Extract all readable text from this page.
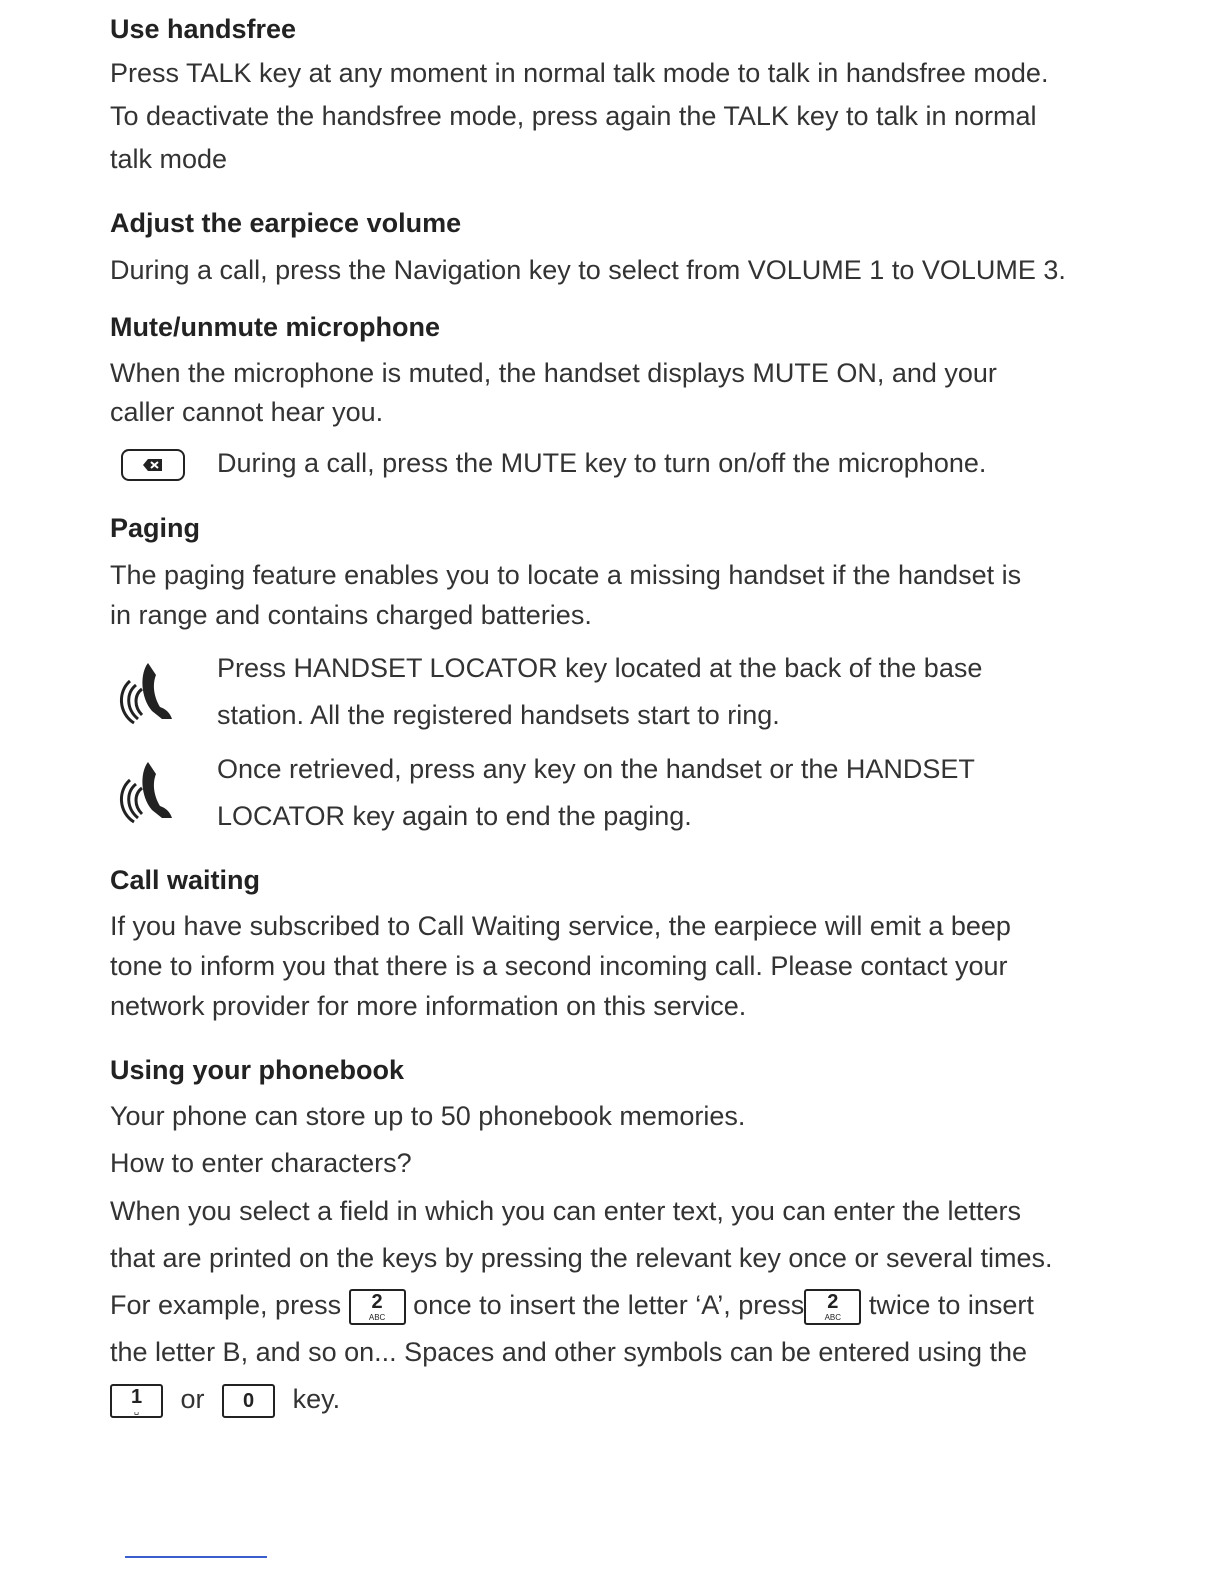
Use handsfree
Press TALK key at any moment in normal talk mode to talk in handsfree mode.
To deactivate the handsfree mode, press again the TALK key to talk in normal
talk mode
Adjust the earpiece volume
During a call, press the Navigation key to select from VOLUME 1 to VOLUME 3.
Mute/unmute microphone
When the microphone is muted, the handset displays MUTE ON, and your
caller cannot hear you.
During a call, press the MUTE key to turn on/off the microphone.
Paging
The paging feature enables you to locate a missing handset if the handset is
in range and contains charged batteries.
Press HANDSET LOCATOR key located at the back of the base
station. All the registered handsets start to ring.
Once retrieved, press any key on the handset or the HANDSET
LOCATOR key again to end the paging.
Call waiting
If you have subscribed to Call Waiting service, the earpiece will emit a beep
tone to inform you that there is a second incoming call. Please contact your
network provider for more information on this service.
Using your phonebook
Your phone can store up to 50 phonebook memories.
How to enter characters?
When you select a field in which you can enter text, you can enter the letters
that are printed on the keys by pressing the relevant key once or several times.
For example, press	2
ABC	once to insert the letter ‘A’, press	2
ABC	twice to insert
the letter B, and so on... Spaces and other symbols can be entered using the
1
␣	or	0	key.
